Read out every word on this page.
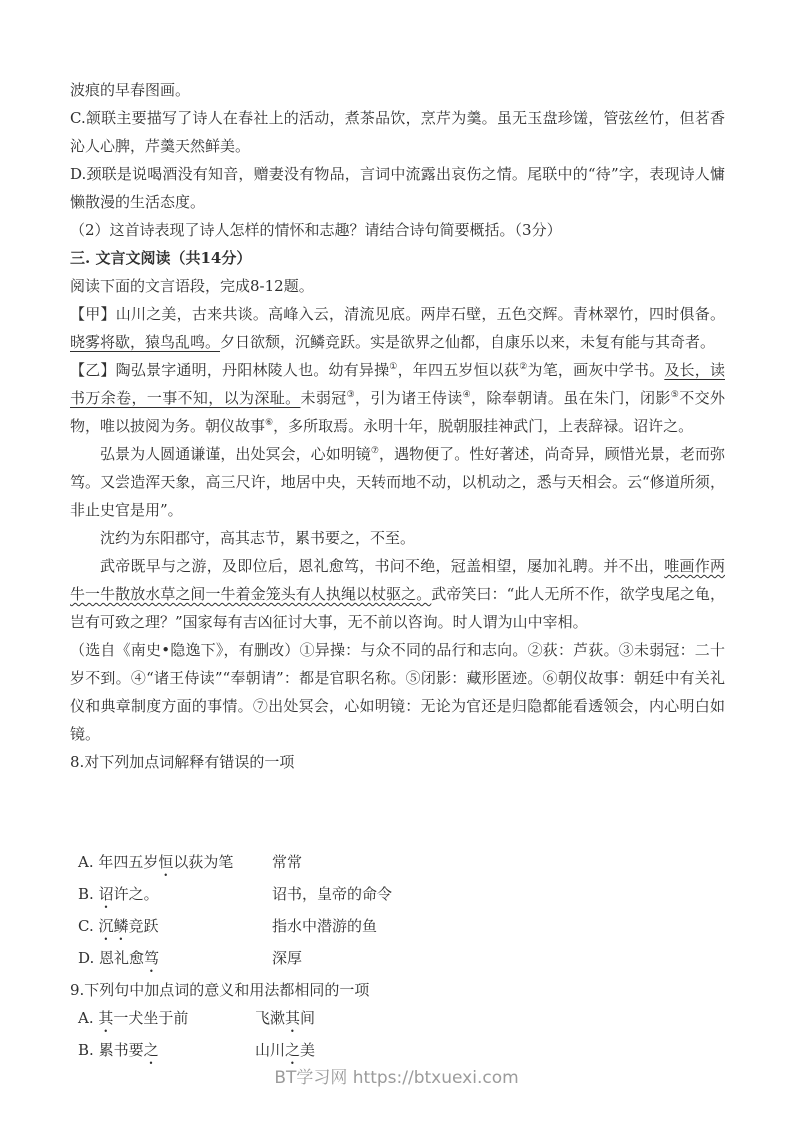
波痕的早春图画。

C.颔联主要描写了诗人在春社上的活动，煮茶品饮，烹芹为羹。虽无玉盘珍馐，管弦丝竹，但茗香沁人心脾，芹羹天然鲜美。

D.颈联是说喝酒没有知音，赠妻没有物品，言词中流露出哀伤之情。尾联中的“待”字，表现诗人慵懒散漫的生活态度。

（2）这首诗表现了诗人怎样的情怀和志趣？请结合诗句简要概括。（3分）

三. 文言文阅读（共14分）

阅读下面的文言语段，完成8-12题。

【甲】山川之美，古来共谈。高峰入云，清流见底。两岸石壁，五色交辉。青林翠竹，四时俱备。晓雾将歇，猿鸟乱鸣。夕日欲颓，沉鳞竞跃。实是欲界之仙都，自康乐以来，未复有能与其奇者。

【乙】陶弘景字通明，丹阳林陵人也。幼有异操①，年四五岁恒以荻②为笔，画灰中学书。及长，读书万余卷，一事不知，以为深耻。未弱冠③，引为诸王侍读④，除奉朝请。虽在朱门，闭影⑤不交外物，唯以披阅为务。朝仪故事⑥，多所取焉。永明十年，脱朝服挂神武门，上表辞禄。诏许之。

弘景为人圆通谦谨，出处冥会，心如明镜⑦，遇物便了。性好著述，尚奇异，顾惜光景，老而弥笃。又尝造浑天象，高三尺许，地居中央，天转而地不动，以机动之，悉与天相会。云“修道所须，非止史官是用”。

沈约为东阳郡守，高其志节，累书要之，不至。

武帝既早与之游，及即位后，恩礼愈笃，书问不绝，冠盖相望，屡加礼聘。并不出，唯画作两牛一牛散放水草之间一牛着金笼头有人执绳以杖驱之。武帝笑曰：“此人无所不作，欲学曳尾之龟，岂有可致之理？”国家每有吉凶征讨大事，无不前以咨询。时人谓为山中宰相。

（选自《南史•隐逸下》，有删改）①异操：与众不同的品行和志向。②荻：芦荻。③未弱冠：二十岁不到。④“诸王侍读”“奉朝请”：都是官职名称。⑤闭影：藏形匿迹。⑥朝仪故事：朝廷中有关礼仪和典章制度方面的事情。⑦出处冥会，心如明镜：无论为官还是归隐都能看透领会，内心明白如镜。

8.对下列加点词解释有错误的一项

A. 年四五岁恒以荻为笔	常常
B. 诏许之。	诏书，皇帝的命令
C. 沉鳞竞跃	指水中潜游的鱼
D. 恩礼愈笃	深厚

9.下列句中加点词的意义和用法都相同的一项

A. 其一犬坐于前	飞漱其间
B. 累书要之	山川之美
BT学习网 https://btxuexi.com
